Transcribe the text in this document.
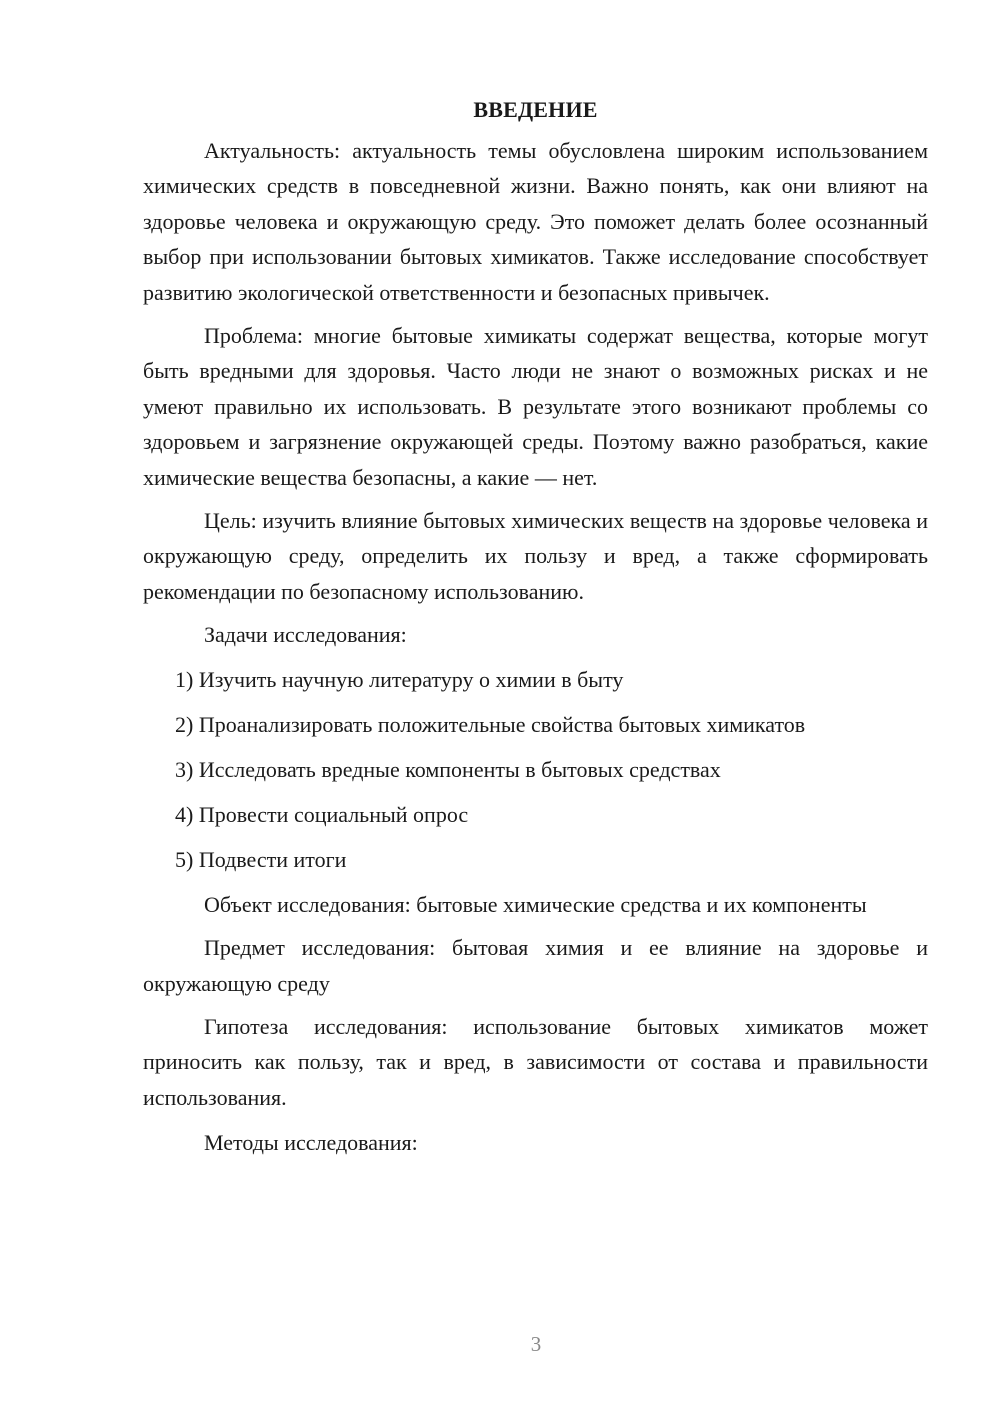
ВВЕДЕНИЕ

Актуальность: актуальность темы обусловлена широким использованием химических средств в повседневной жизни. Важно понять, как они влияют на здоровье человека и окружающую среду. Это поможет делать более осознанный выбор при использовании бытовых химикатов. Также исследование способствует развитию экологической ответственности и безопасных привычек.

Проблема: многие бытовые химикаты содержат вещества, которые могут быть вредными для здоровья. Часто люди не знают о возможных рисках и не умеют правильно их использовать. В результате этого возникают проблемы со здоровьем и загрязнение окружающей среды. Поэтому важно разобраться, какие химические вещества безопасны, а какие — нет.

Цель: изучить влияние бытовых химических веществ на здоровье человека и окружающую среду, определить их пользу и вред, а также сформировать рекомендации по безопасному использованию.

Задачи исследования:

1) Изучить научную литературу о химии в быту
2) Проанализировать положительные свойства бытовых химикатов
3) Исследовать вредные компоненты в бытовых средствах
4) Провести социальный опрос
5) Подвести итоги

Объект исследования: бытовые химические средства и их компоненты

Предмет исследования: бытовая химия и ее влияние на здоровье и окружающую среду

Гипотеза исследования: использование бытовых химикатов может приносить как пользу, так и вред, в зависимости от состава и правильности использования.

Методы исследования:

3
